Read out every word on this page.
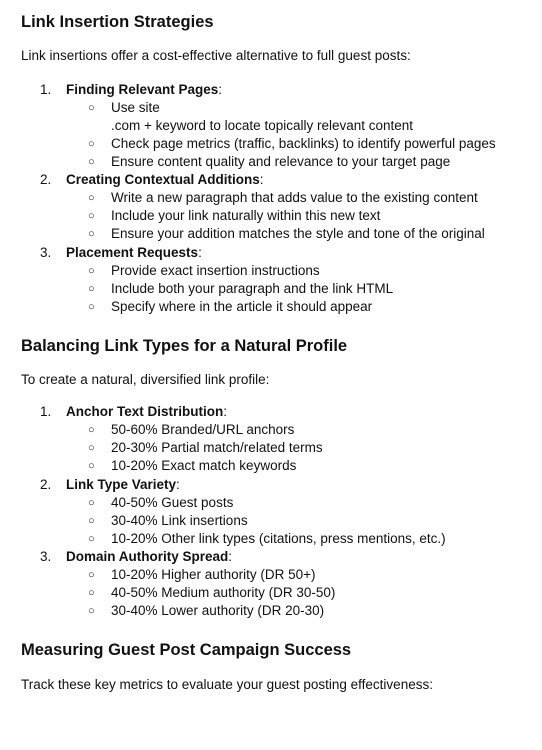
Link Insertion Strategies

Link insertions offer a cost-effective alternative to full guest posts:

1. Finding Relevant Pages:
○ Use site
.com + keyword to locate topically relevant content
○ Check page metrics (traffic, backlinks) to identify powerful pages
○ Ensure content quality and relevance to your target page
2. Creating Contextual Additions:
○ Write a new paragraph that adds value to the existing content
○ Include your link naturally within this new text
○ Ensure your addition matches the style and tone of the original
3. Placement Requests:
○ Provide exact insertion instructions
○ Include both your paragraph and the link HTML
○ Specify where in the article it should appear
Balancing Link Types for a Natural Profile

To create a natural, diversified link profile:

1. Anchor Text Distribution:
○ 50-60% Branded/URL anchors
○ 20-30% Partial match/related terms
○ 10-20% Exact match keywords
2. Link Type Variety:
○ 40-50% Guest posts
○ 30-40% Link insertions
○ 10-20% Other link types (citations, press mentions, etc.)
3. Domain Authority Spread:
○ 10-20% Higher authority (DR 50+)
○ 40-50% Medium authority (DR 30-50)
○ 30-40% Lower authority (DR 20-30)
Measuring Guest Post Campaign Success

Track these key metrics to evaluate your guest posting effectiveness:
